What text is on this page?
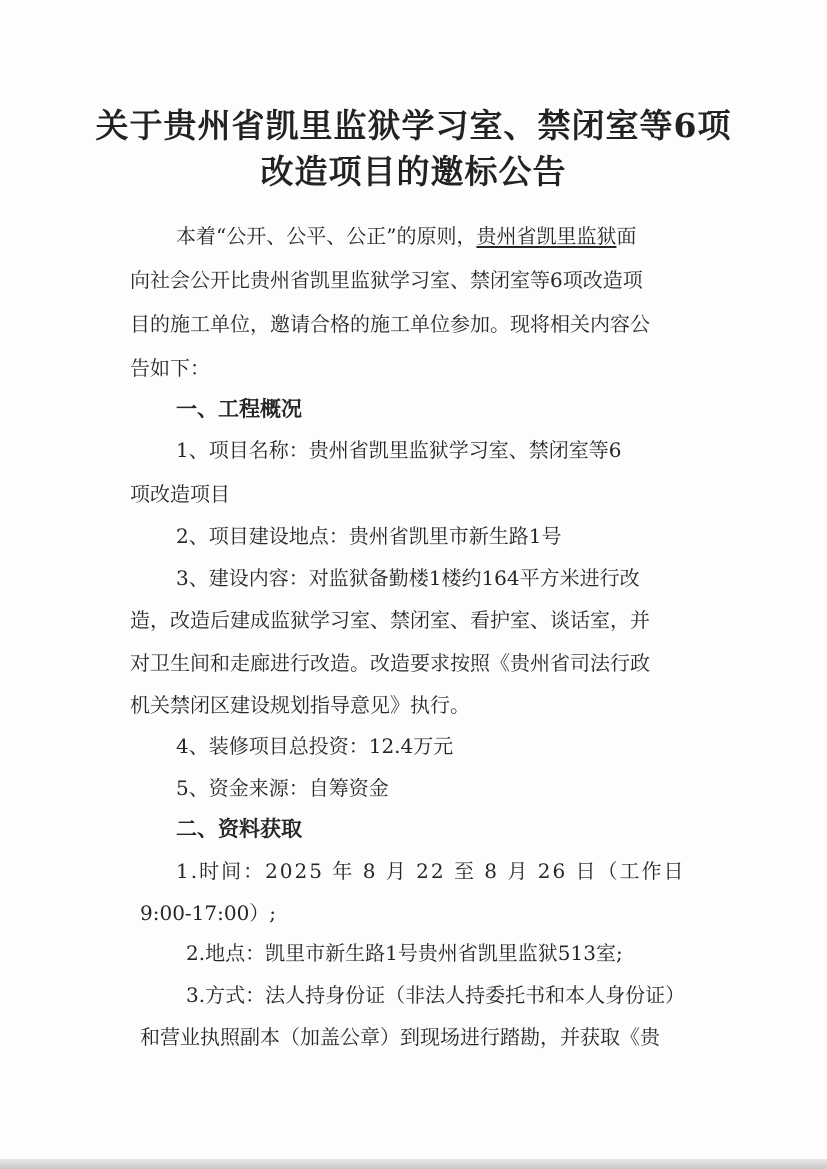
关于贵州省凯里监狱学习室、禁闭室等6项
改造项目的邀标公告
本着“公开、公平、公正”的原则，贵州省凯里监狱面
向社会公开比贵州省凯里监狱学习室、禁闭室等6项改造项
目的施工单位，邀请合格的施工单位参加。现将相关内容公
告如下：
一、工程概况
1、项目名称：贵州省凯里监狱学习室、禁闭室等6
项改造项目
2、项目建设地点：贵州省凯里市新生路1号
3、建设内容：对监狱备勤楼1楼约164平方米进行改
造，改造后建成监狱学习室、禁闭室、看护室、谈话室，并
对卫生间和走廊进行改造。改造要求按照《贵州省司法行政
机关禁闭区建设规划指导意见》执行。
4、装修项目总投资：12.4万元
5、资金来源：自筹资金
二、资料获取
1.时间：2025 年 8 月 22 至 8 月 26 日（工作日
9:00-17:00）;
2.地点：凯里市新生路1号贵州省凯里监狱513室;
3.方式：法人持身份证（非法人持委托书和本人身份证）
和营业执照副本（加盖公章）到现场进行踏勘，并获取《贵
